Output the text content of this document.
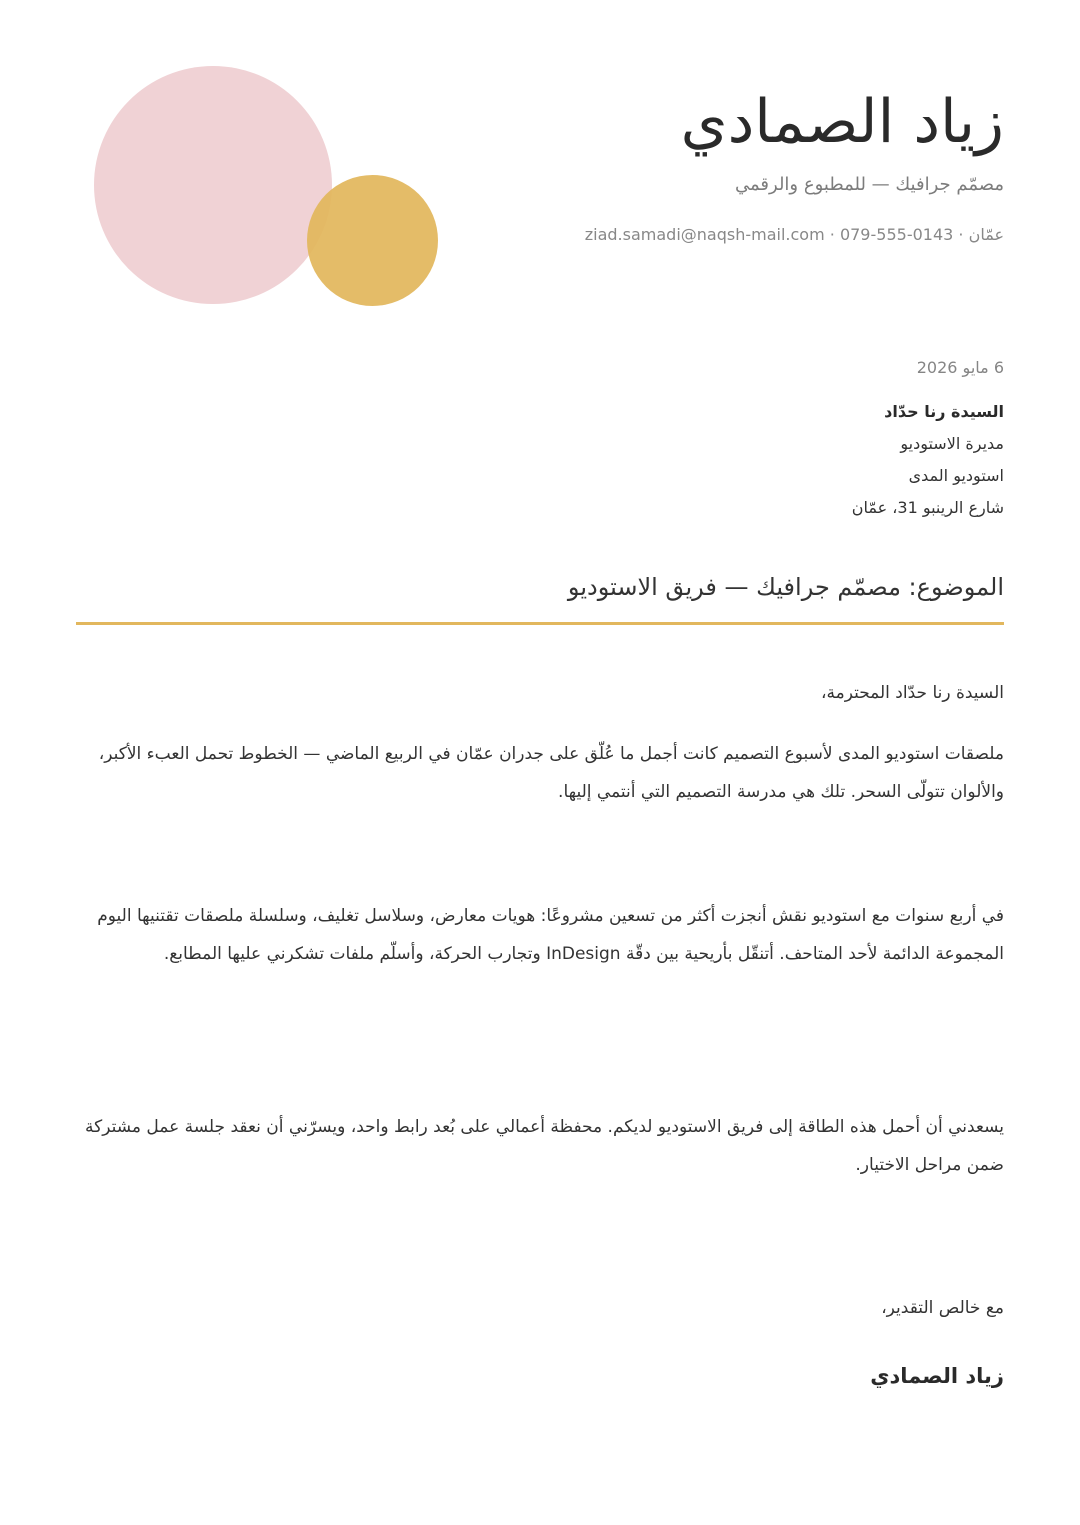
زياد الصمادي
مصمّم جرافيك — للمطبوع والرقمي
عمّان · 0143-555-079 · ziad.samadi@naqsh-mail.com
6 مايو 2026
السيدة رنا حدّاد
مديرة الاستوديو
استوديو المدى
شارع الرينبو 31، عمّان
الموضوع: مصمّم جرافيك — فريق الاستوديو
السيدة رنا حدّاد المحترمة،
ملصقات استوديو المدى لأسبوع التصميم كانت أجمل ما عُلّق على جدران عمّان في الربيع الماضي — الخطوط تحمل العبء الأكبر، والألوان تتولّى السحر. تلك هي مدرسة التصميم التي أنتمي إليها.
في أربع سنوات مع استوديو نقش أنجزت أكثر من تسعين مشروعًا: هويات معارض، وسلاسل تغليف، وسلسلة ملصقات تقتنيها اليوم المجموعة الدائمة لأحد المتاحف. أتنقّل بأريحية بين دقّة InDesign وتجارب الحركة، وأسلّم ملفات تشكرني عليها المطابع.
يسعدني أن أحمل هذه الطاقة إلى فريق الاستوديو لديكم. محفظة أعمالي على بُعد رابط واحد، ويسرّني أن نعقد جلسة عمل مشتركة ضمن مراحل الاختيار.
مع خالص التقدير،
زياد الصمادي
